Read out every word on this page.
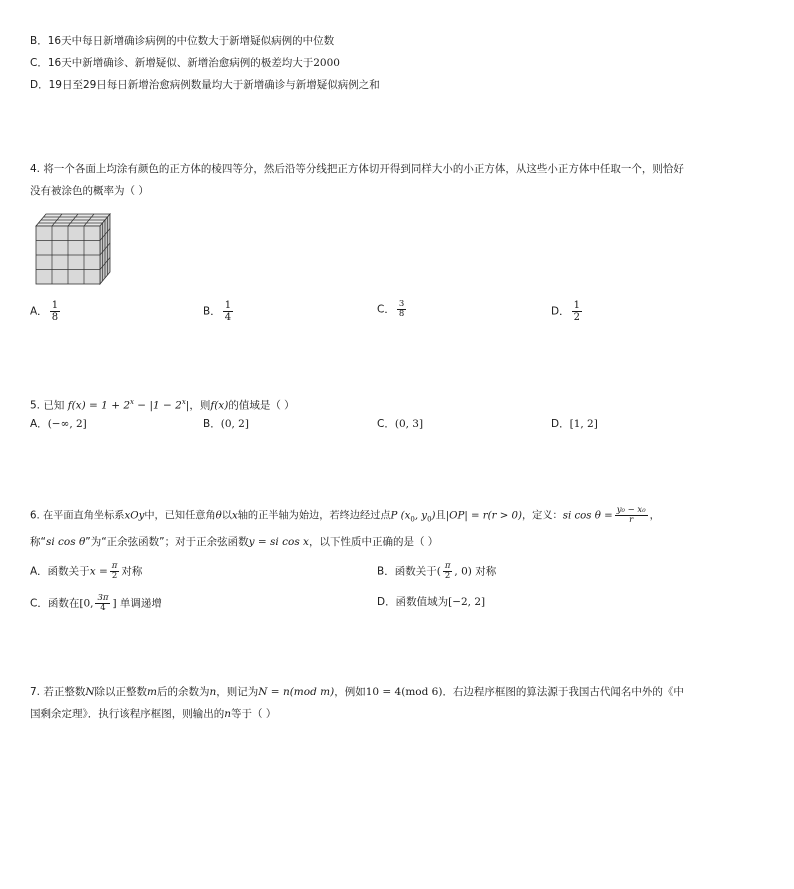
B．16天中每日新增确诊病例的中位数大于新增疑似病例的中位数
C．16天中新增确诊、新增疑似、新增治愈病例的极差均大于2000
D．19日至29日每日新增治愈病例数量均大于新增确诊与新增疑似病例之和
4. 将一个各面上均涂有颜色的正方体的棱四等分，然后沿等分线把正方体切开得到同样大小的小正方体，从这些小正方体中任取一个，则恰好
没有被涂色的概率为（ ）
A． $\frac{1}{8}$	B． $\frac{1}{4}$	C． $\frac{3}{8}$	D． $\frac{1}{2}$
5. 已知 $f(x) = 1 + 2^x - |1 - 2^x|$，则f(x)的值域是（ ）
A．(−∞, 2]	B．(0, 2]	C．(0, 3]	D．[1, 2]
6. 在平面直角坐标系xOy中，已知任意角θ以x轴的正半轴为始边，若终边经过点P ($x_0$, $y_0$)且|OP| = r(r > 0)，定义：si $\cos \theta = \frac{\text{y₀ − x₀}}{r}$ ，
称“si cos θ”为“正余弦函数”；对于正余弦函数y = si cos x，以下性质中正确的是（ ）
A．函数关于$x = \frac{\pi}{2}$ 对称	B．函数关于( $\frac{\pi}{2}$ , 0) 对称
C．函数在[0, $\frac{3\pi}{4}$ ] 单调递增	D．函数值域为[−2, 2]
7. 若正整数N除以正整数m后的余数为n，则记为N = n(mod m)，例如10 = 4(mod 6)．右边程序框图的算法源于我国古代闻名中外的《中
国剩余定理》．执行该程序框图，则输出的n等于（ ）
